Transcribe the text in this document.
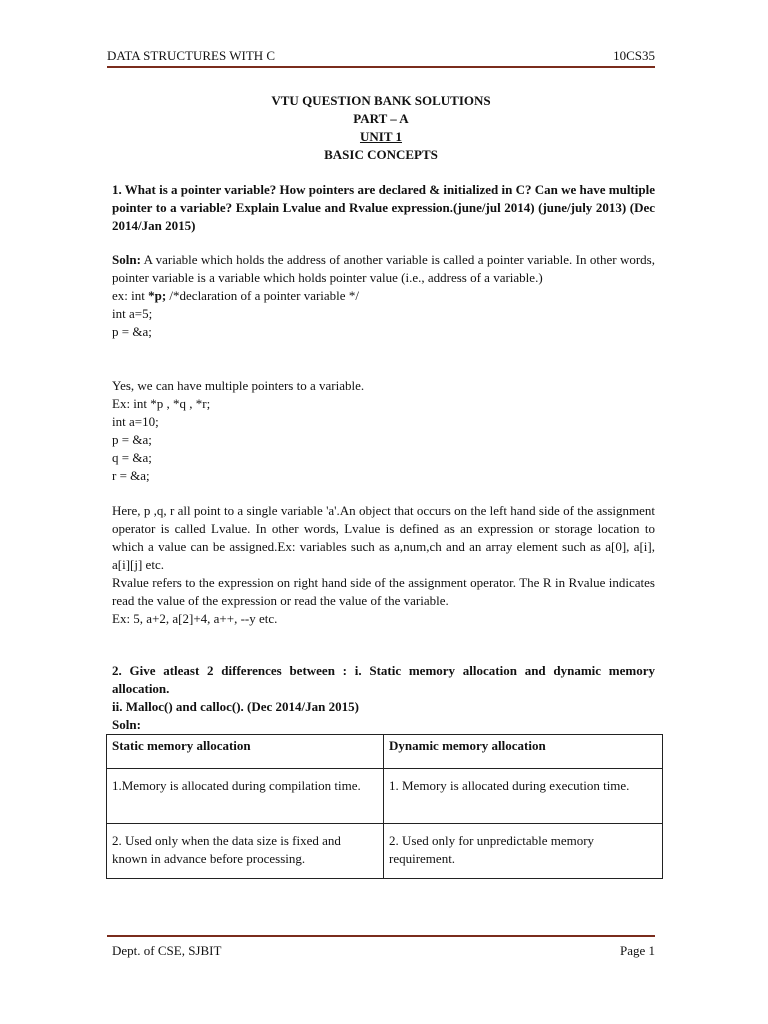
DATA STRUCTURES WITH C	10CS35
VTU QUESTION BANK SOLUTIONS
PART – A
UNIT 1
BASIC CONCEPTS
1. What is a pointer variable? How pointers are declared & initialized in C? Can we have multiple pointer to a variable? Explain Lvalue and Rvalue expression.(june/jul 2014) (june/july 2013) (Dec 2014/Jan 2015)
Soln: A variable which holds the address of another variable is called a pointer variable. In other words, pointer variable is a variable which holds pointer value (i.e., address of a variable.)
ex: int *p; /*declaration of a pointer variable */
int a=5;
p = &a;
Yes, we can have multiple pointers to a variable.
Ex: int *p , *q , *r;
int a=10;
p = &a;
q = &a;
r = &a;
Here, p ,q, r all point to a single variable 'a'.An object that occurs on the left hand side of the assignment operator is called Lvalue. In other words, Lvalue is defined as an expression or storage location to which a value can be assigned.Ex: variables such as a,num,ch and an array element such as a[0], a[i], a[i][j] etc.
Rvalue refers to the expression on right hand side of the assignment operator. The R in Rvalue indicates read the value of the expression or read the value of the variable.
Ex: 5, a+2, a[2]+4, a++, --y etc.
2. Give atleast 2 differences between : i. Static memory allocation and dynamic memory allocation.
ii. Malloc() and calloc(). (Dec 2014/Jan 2015)
Soln:
Static memory allocation	Dynamic memory allocation
1.Memory is allocated during compilation time.	1. Memory is allocated during execution time.
2. Used only when the data size is fixed and known in advance before processing.	2. Used only for unpredictable memory requirement.
Dept. of CSE, SJBIT	Page 1
